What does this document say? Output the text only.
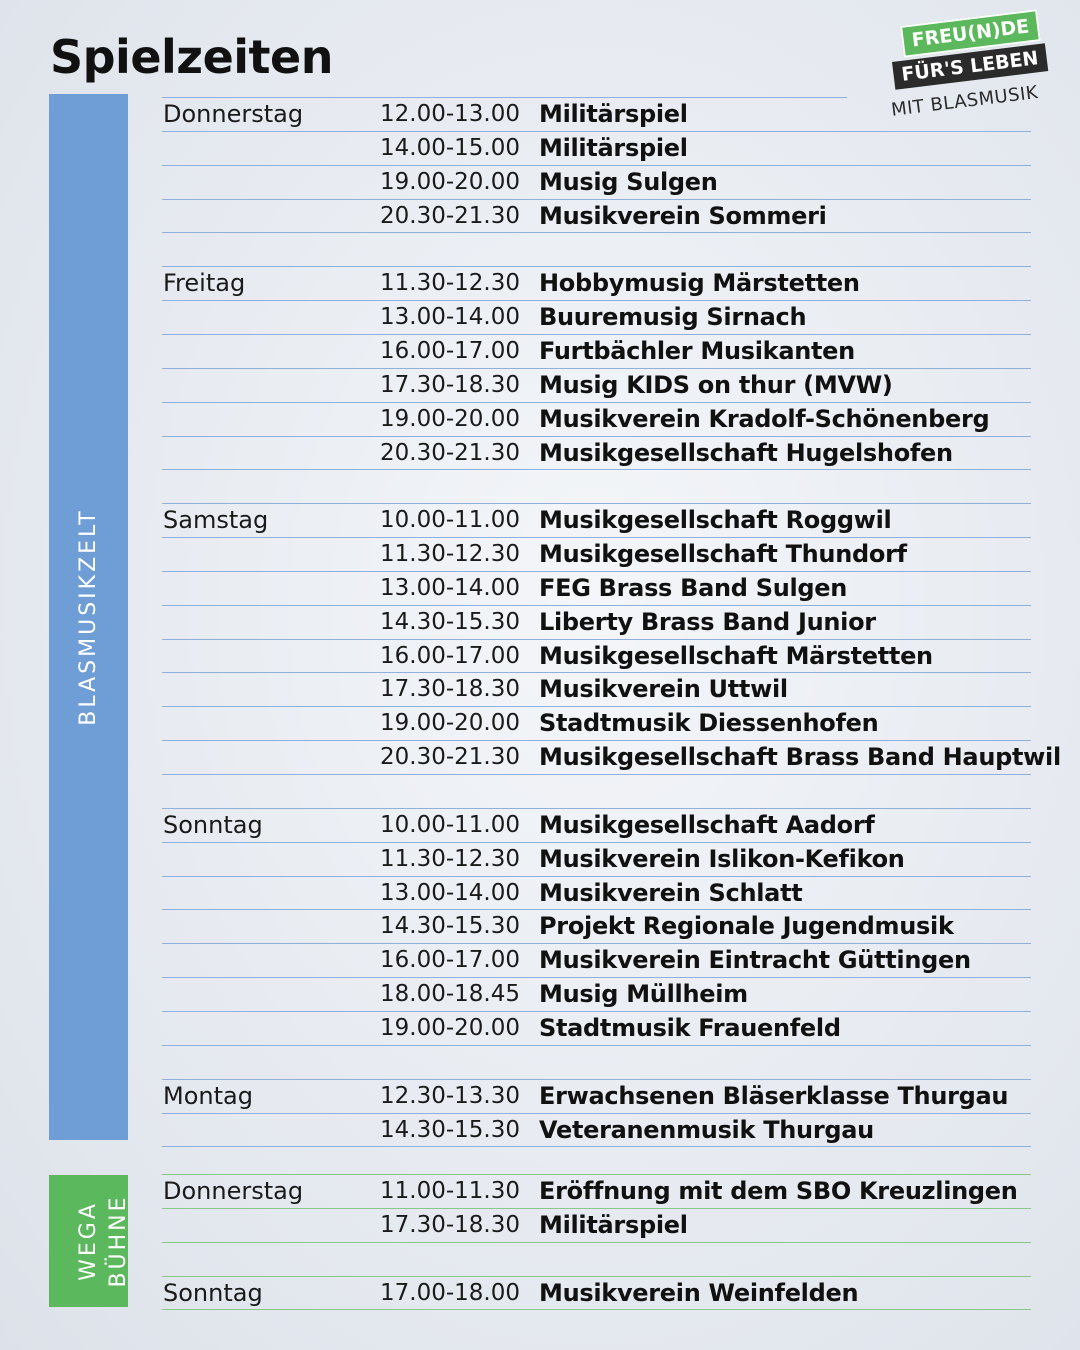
Spielzeiten	FREU(N)DE
FÜR'S LEBEN
MIT BLASMUSIK
BLASMUSIKZELT

WEGA
BÜHNE

Donnerstag	12.00-13.00 Militärspiel
14.00-15.00 Militärspiel
19.00-20.00 Musig Sulgen
20.30-21.30 Musikverein Sommeri
Freitag	11.30-12.30 Hobbymusig Märstetten
13.00-14.00 Buuremusig Sirnach
16.00-17.00 Furtbächler Musikanten
17.30-18.30 Musig KIDS on thur (MVW)
19.00-20.00 Musikverein Kradolf-Schönenberg
20.30-21.30 Musikgesellschaft Hugelshofen
Samstag	10.00-11.00 Musikgesellschaft Roggwil
11.30-12.30 Musikgesellschaft Thundorf
13.00-14.00 FEG Brass Band Sulgen
14.30-15.30 Liberty Brass Band Junior
16.00-17.00 Musikgesellschaft Märstetten
17.30-18.30 Musikverein Uttwil
19.00-20.00 Stadtmusik Diessenhofen
20.30-21.30 Musikgesellschaft Brass Band Hauptwil
Sonntag	10.00-11.00 Musikgesellschaft Aadorf
11.30-12.30 Musikverein Islikon-Kefikon
13.00-14.00 Musikverein Schlatt
14.30-15.30 Projekt Regionale Jugendmusik
16.00-17.00 Musikverein Eintracht Güttingen
18.00-18.45 Musig Müllheim
19.00-20.00 Stadtmusik Frauenfeld
Montag	12.30-13.30 Erwachsenen Bläserklasse Thurgau
14.30-15.30 Veteranenmusik Thurgau
Donnerstag	11.00-11.30 Eröffnung mit dem SBO Kreuzlingen
17.30-18.30 Militärspiel
Sonntag	17.00-18.00 Musikverein Weinfelden
